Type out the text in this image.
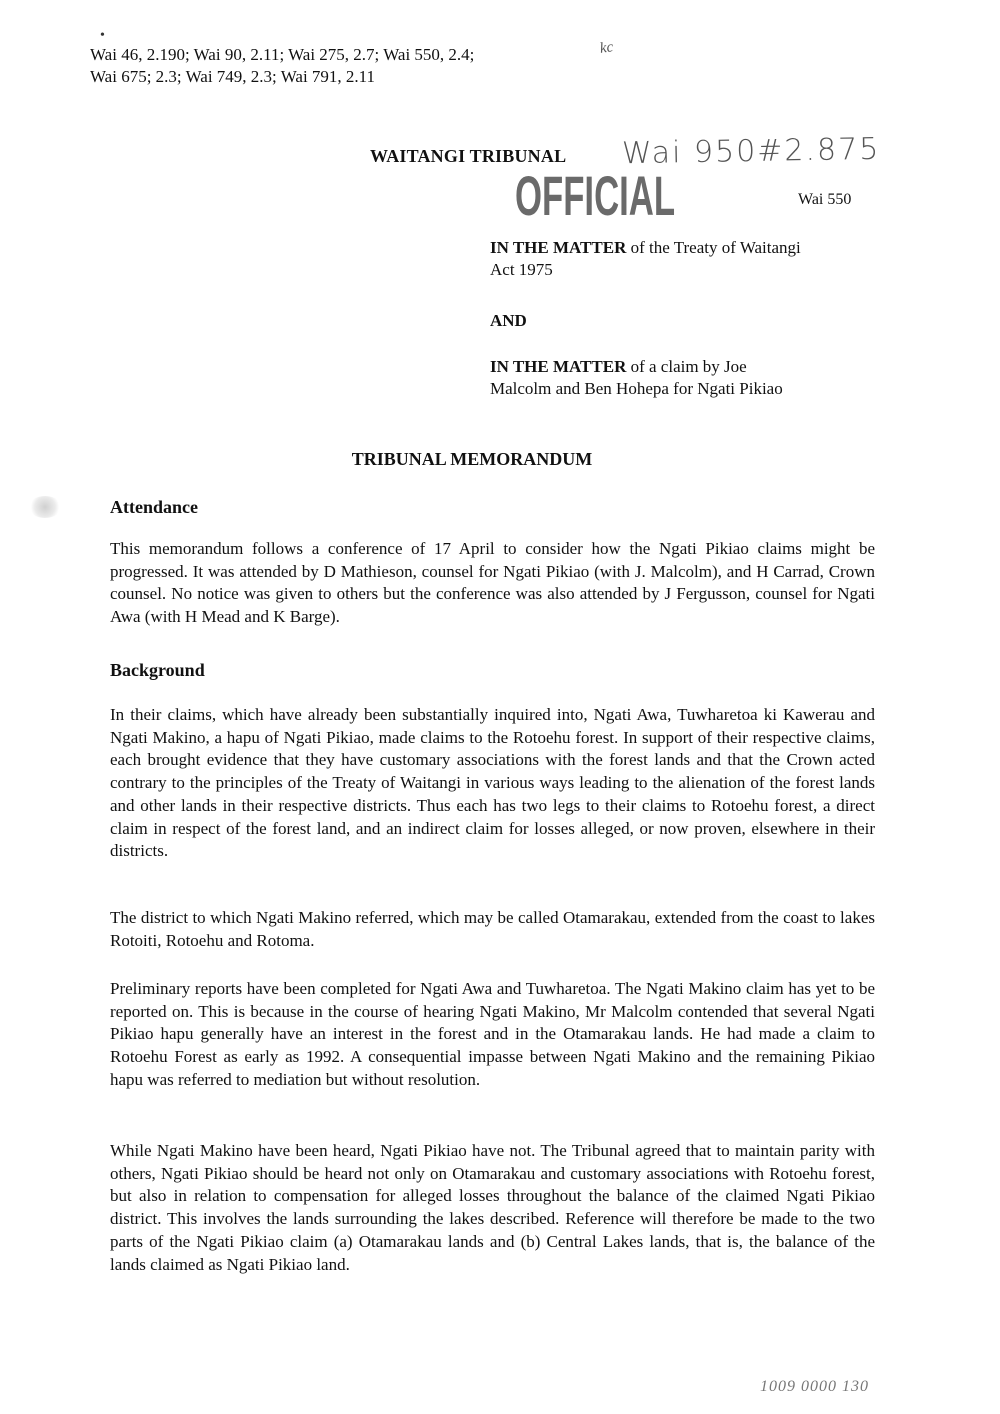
•
Wai 46, 2.190; Wai 90, 2.11; Wai 275, 2.7; Wai 550, 2.4;
Wai 675; 2.3; Wai 749, 2.3; Wai 791, 2.11
kc
WAITANGI TRIBUNAL Wai 950#2.875
OFFICIAL	Wai 550
IN THE MATTER of the Treaty of Waitangi
Act 1975
AND
IN THE MATTER of a claim by Joe
Malcolm and Ben Hohepa for Ngati Pikiao
TRIBUNAL MEMORANDUM
Attendance
This memorandum follows a conference of 17 April to consider how the Ngati Pikiao claims might be progressed. It was attended by D Mathieson, counsel for Ngati Pikiao (with J. Malcolm), and H Carrad, Crown counsel. No notice was given to others but the conference was also attended by J Fergusson, counsel for Ngati Awa (with H Mead and K Barge).
Background
In their claims, which have already been substantially inquired into, Ngati Awa, Tuwharetoa ki Kawerau and Ngati Makino, a hapu of Ngati Pikiao, made claims to the Rotoehu forest. In support of their respective claims, each brought evidence that they have customary associations with the forest lands and that the Crown acted contrary to the principles of the Treaty of Waitangi in various ways leading to the alienation of the forest lands and other lands in their respective districts. Thus each has two legs to their claims to Rotoehu forest, a direct claim in respect of the forest land, and an indirect claim for losses alleged, or now proven, elsewhere in their districts.
The district to which Ngati Makino referred, which may be called Otamarakau, extended from the coast to lakes Rotoiti, Rotoehu and Rotoma.
Preliminary reports have been completed for Ngati Awa and Tuwharetoa. The Ngati Makino claim has yet to be reported on. This is because in the course of hearing Ngati Makino, Mr Malcolm contended that several Ngati Pikiao hapu generally have an interest in the forest and in the Otamarakau lands. He had made a claim to Rotoehu Forest as early as 1992. A consequential impasse between Ngati Makino and the remaining Pikiao hapu was referred to mediation but without resolution.
While Ngati Makino have been heard, Ngati Pikiao have not. The Tribunal agreed that to maintain parity with others, Ngati Pikiao should be heard not only on Otamarakau and customary associations with Rotoehu forest, but also in relation to compensation for alleged losses throughout the balance of the claimed Ngati Pikiao district. This involves the lands surrounding the lakes described. Reference will therefore be made to the two parts of the Ngati Pikiao claim (a) Otamarakau lands and (b) Central Lakes lands, that is, the balance of the lands claimed as Ngati Pikiao land.
1009 0000 130
